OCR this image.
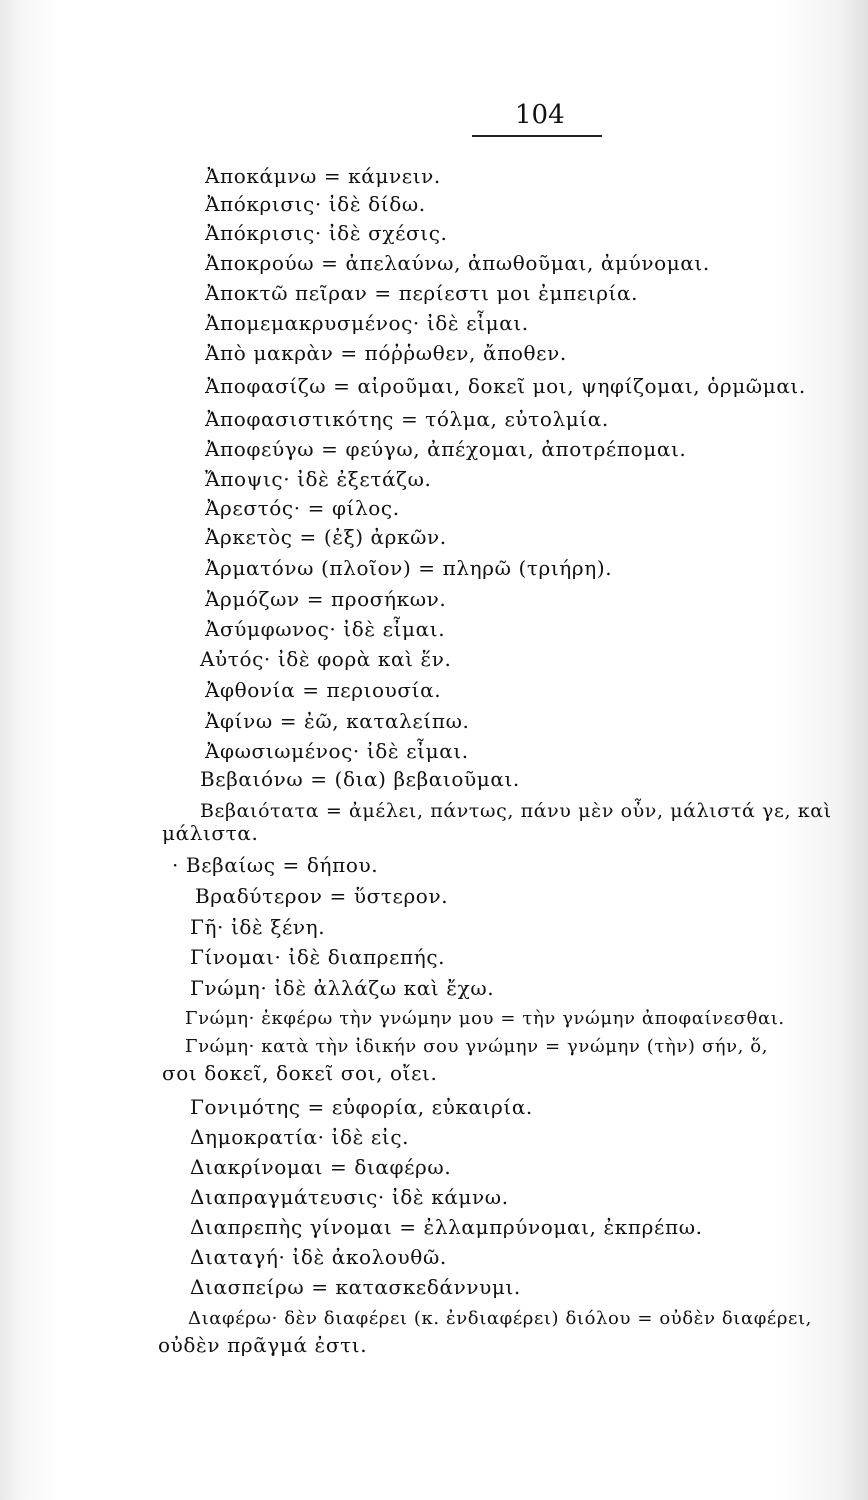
104
Ἀποκάμνω = κάμνειν.
Ἀπόκρισις· ἰδὲ δίδω.
Ἀπόκρισις· ἰδὲ σχέσις.
Ἀποκρούω = ἀπελαύνω, ἀπωθοῦμαι, ἀμύνομαι.
Ἀποκτῶ πεῖραν = περίεστι μοι ἐμπειρία.
Ἀπομεμακρυσμένος· ἰδὲ εἶμαι.
Ἀπὸ μακρὰν = πόῤῥωθεν, ἄποθεν.
Ἀποφασίζω = αἱροῦμαι, δοκεῖ μοι, ψηφίζομαι, ὁρμῶμαι.
Ἀποφασιστικότης = τόλμα, εὐτολμία.
Ἀποφεύγω = φεύγω, ἀπέχομαι, ἀποτρέπομαι.
Ἄποψις· ἰδὲ ἐξετάζω.
Ἀρεστός· = φίλος.
Ἀρκετὸς = (ἐξ) ἀρκῶν.
Ἀρματόνω (πλοῖον) = πληρῶ (τριήρη).
Ἁρμόζων = προσήκων.
Ἀσύμφωνος· ἰδὲ εἶμαι.
Αὐτός· ἰδὲ φορὰ καὶ ἕν.
Ἀφθονία = περιουσία.
Ἀφίνω = ἐῶ, καταλείπω.
Ἀφωσιωμένος· ἰδὲ εἶμαι.
Βεβαιόνω = (δια) βεβαιοῦμαι.
Βεβαιότατα = ἀμέλει, πάντως, πάνυ μὲν οὖν, μάλιστά γε, καὶ
μάλιστα.
· Βεβαίως = δήπου.
Βραδύτερον = ὕστερον.
Γῆ· ἰδὲ ξένη.
Γίνομαι· ἰδὲ διαπρεπής.
Γνώμη· ἰδὲ ἀλλάζω καὶ ἔχω.
Γνώμη· ἐκφέρω τὴν γνώμην μου = τὴν γνώμην ἀποφαίνεσθαι.
Γνώμη· κατὰ τὴν ἰδικήν σου γνώμην = γνώμην (τὴν) σήν, ὅ,
σοι δοκεῖ, δοκεῖ σοι, οἴει.
Γονιμότης = εὐφορία, εὐκαιρία.
Δημοκρατία· ἰδὲ εἰς.
Διακρίνομαι = διαφέρω.
Διαπραγμάτευσις· ἰδὲ κάμνω.
Διαπρεπὴς γίνομαι = ἐλλαμπρύνομαι, ἐκπρέπω.
Διαταγή· ἰδὲ ἀκολουθῶ.
Διασπείρω = κατασκεδάννυμι.
Διαφέρω· δὲν διαφέρει (κ. ἐνδιαφέρει) διόλου = οὐδὲν διαφέρει,
οὐδὲν πρᾶγμά ἐστι.
